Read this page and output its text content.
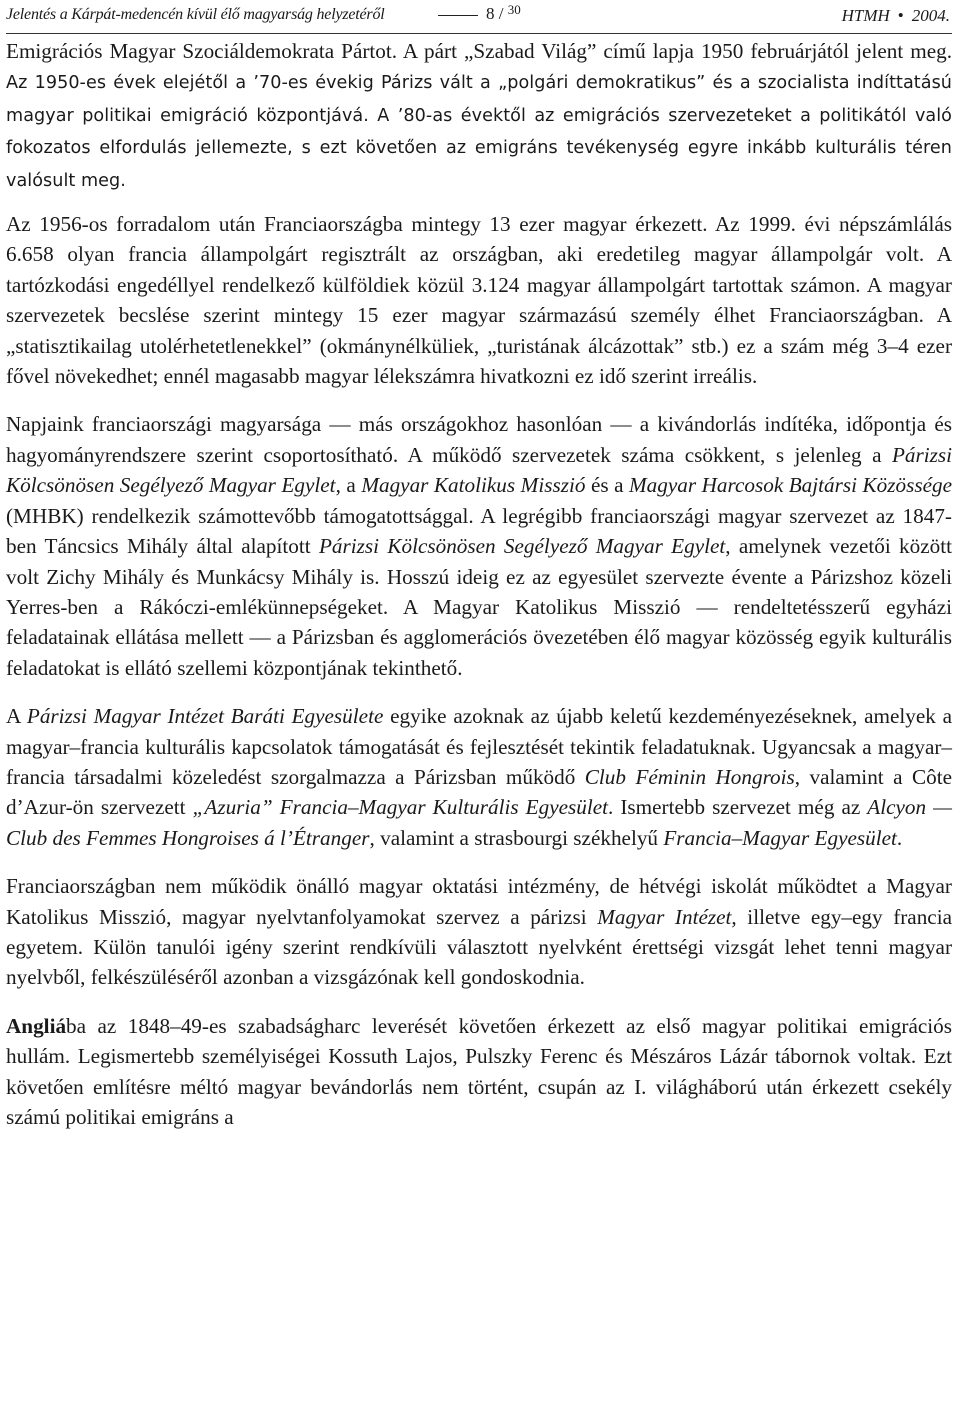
Jelentés a Kárpát-medencén kívül élő magyarság helyzetéről	8 / $^{30}$	HTMH • 2004.

Emigrációs Magyar Szociáldemokrata Pártot. A párt „Szabad Világ” című lapja 1950 februárjától jelent meg. Az 1950-es évek elejétől a ’70-es évekig Párizs vált a „polgári demokratikus” és a szocialista indíttatású magyar politikai emigráció központjává. A ’80-as évektől az emigrációs szervezeteket a politikától való fokozatos elfordulás jellemezte, s ezt követően az emigráns tevékenység egyre inkább kulturális téren valósult meg.

Az 1956-os forradalom után Franciaországba mintegy 13 ezer magyar érkezett. Az 1999. évi népszámlálás 6.658 olyan francia állampolgárt regisztrált az országban, aki eredetileg magyar állampolgár volt. A tartózkodási engedéllyel rendelkező külföldiek közül 3.124 magyar állampolgárt tartottak számon. A magyar szervezetek becslése szerint mintegy 15 ezer magyar származású személy élhet Franciaországban. A „statisztikailag utolérhetetlenekkel” (okmánynélküliek, „turistának álcázottak” stb.) ez a szám még 3–4 ezer fővel növekedhet; ennél magasabb magyar lélekszámra hivatkozni ez idő szerint irreális.

Napjaink franciaországi magyarsága — más országokhoz hasonlóan — a kivándorlás indítéka, időpontja és hagyományrendszere szerint csoportosítható. A működő szervezetek száma csökkent, s jelenleg a Párizsi Kölcsönösen Segélyező Magyar Egylet, a Magyar Katolikus Misszió és a Magyar Harcosok Bajtársi Közössége (MHBK) rendelkezik számottevőbb támogatottsággal. A legrégibb franciaországi magyar szervezet az 1847-ben Táncsics Mihály által alapított Párizsi Kölcsönösen Segélyező Magyar Egylet, amelynek vezetői között volt Zichy Mihály és Munkácsy Mihály is. Hosszú ideig ez az egyesület szervezte évente a Párizshoz közeli Yerres-ben a Rákóczi-emlékünnepségeket. A Magyar Katolikus Misszió — rendeltetésszerű egyházi feladatainak ellátása mellett — a Párizsban és agglomerációs övezetében élő magyar közösség egyik kulturális feladatokat is ellátó szellemi központjának tekinthető.

A Párizsi Magyar Intézet Baráti Egyesülete egyike azoknak az újabb keletű kezdeményezéseknek, amelyek a magyar–francia kulturális kapcsolatok támogatását és fejlesztését tekintik feladatuknak. Ugyancsak a magyar–francia társadalmi közeledést szorgalmazza a Párizsban működő Club Féminin Hongrois, valamint a Côte d’Azur-ön szervezett „Azuria” Francia–Magyar Kulturális Egyesület. Ismertebb szervezet még az Alcyon — Club des Femmes Hongroises á l’Étranger, valamint a strasbourgi székhelyű Francia–Magyar Egyesület.

Franciaországban nem működik önálló magyar oktatási intézmény, de hétvégi iskolát működtet a Magyar Katolikus Misszió, magyar nyelvtanfolyamokat szervez a párizsi Magyar Intézet, illetve egy–egy francia egyetem. Külön tanulói igény szerint rendkívüli választott nyelvként érettségi vizsgát lehet tenni magyar nyelvből, felkészüléséről azonban a vizsgázónak kell gondoskodnia.

Angliába az 1848–49-es szabadságharc leverését követően érkezett az első magyar politikai emigrációs hullám. Legismertebb személyiségei Kossuth Lajos, Pulszky Ferenc és Mészáros Lázár tábornok voltak. Ezt követően említésre méltó magyar bevándorlás nem történt, csupán az I. világháború után érkezett csekély számú politikai emigráns a
